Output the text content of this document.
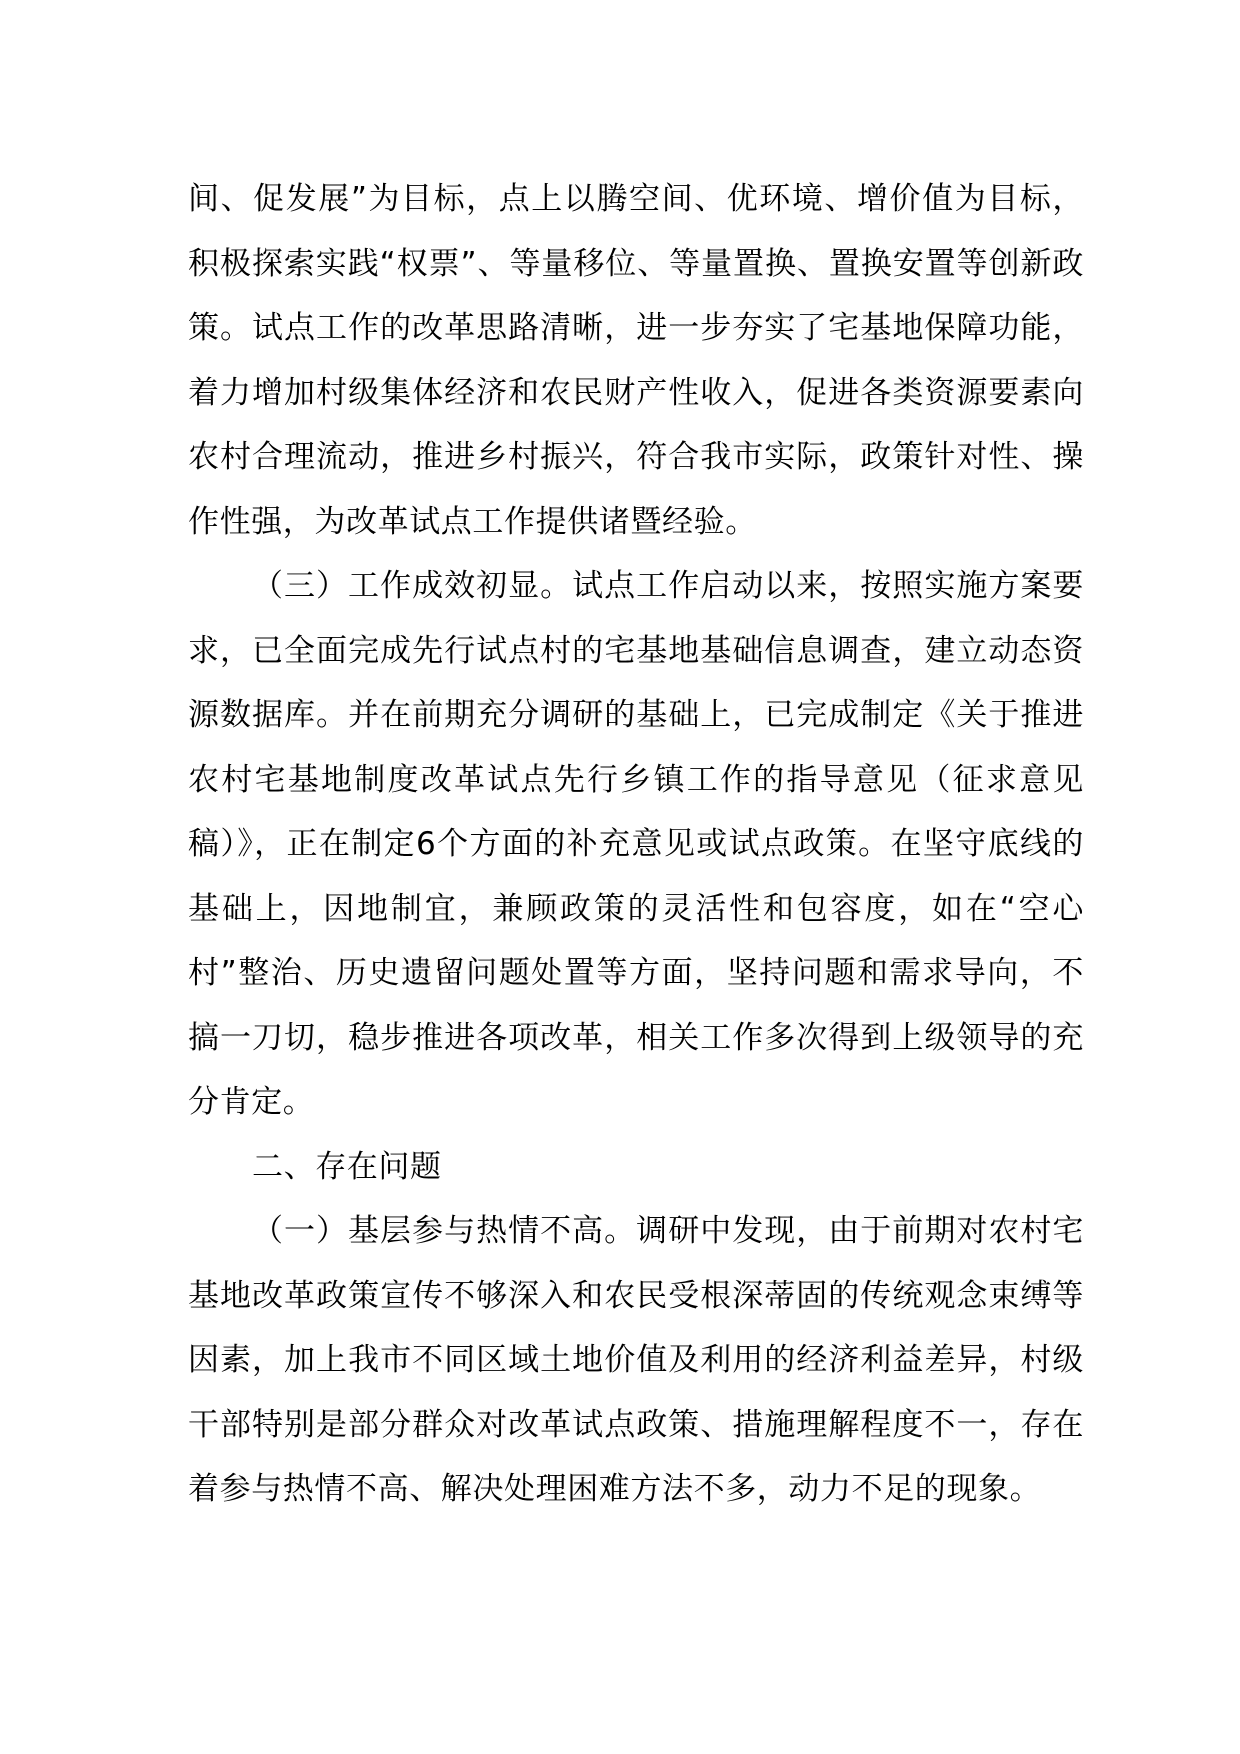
间、促发展”为目标，点上以腾空间、优环境、增价值为目标，积极探索实践“权票”、等量移位、等量置换、置换安置等创新政策。试点工作的改革思路清晰，进一步夯实了宅基地保障功能，着力增加村级集体经济和农民财产性收入，促进各类资源要素向农村合理流动，推进乡村振兴，符合我市实际，政策针对性、操作性强，为改革试点工作提供诸暨经验。

（三）工作成效初显。试点工作启动以来，按照实施方案要求，已全面完成先行试点村的宅基地基础信息调查，建立动态资源数据库。并在前期充分调研的基础上，已完成制定《关于推进农村宅基地制度改革试点先行乡镇工作的指导意见（征求意见稿）》，正在制定6个方面的补充意见或试点政策。在坚守底线的基础上，因地制宜，兼顾政策的灵活性和包容度，如在“空心村”整治、历史遗留问题处置等方面，坚持问题和需求导向，不搞一刀切，稳步推进各项改革，相关工作多次得到上级领导的充分肯定。

二、存在问题

（一）基层参与热情不高。调研中发现，由于前期对农村宅基地改革政策宣传不够深入和农民受根深蒂固的传统观念束缚等因素，加上我市不同区域土地价值及利用的经济利益差异，村级干部特别是部分群众对改革试点政策、措施理解程度不一，存在着参与热情不高、解决处理困难方法不多，动力不足的现象。
